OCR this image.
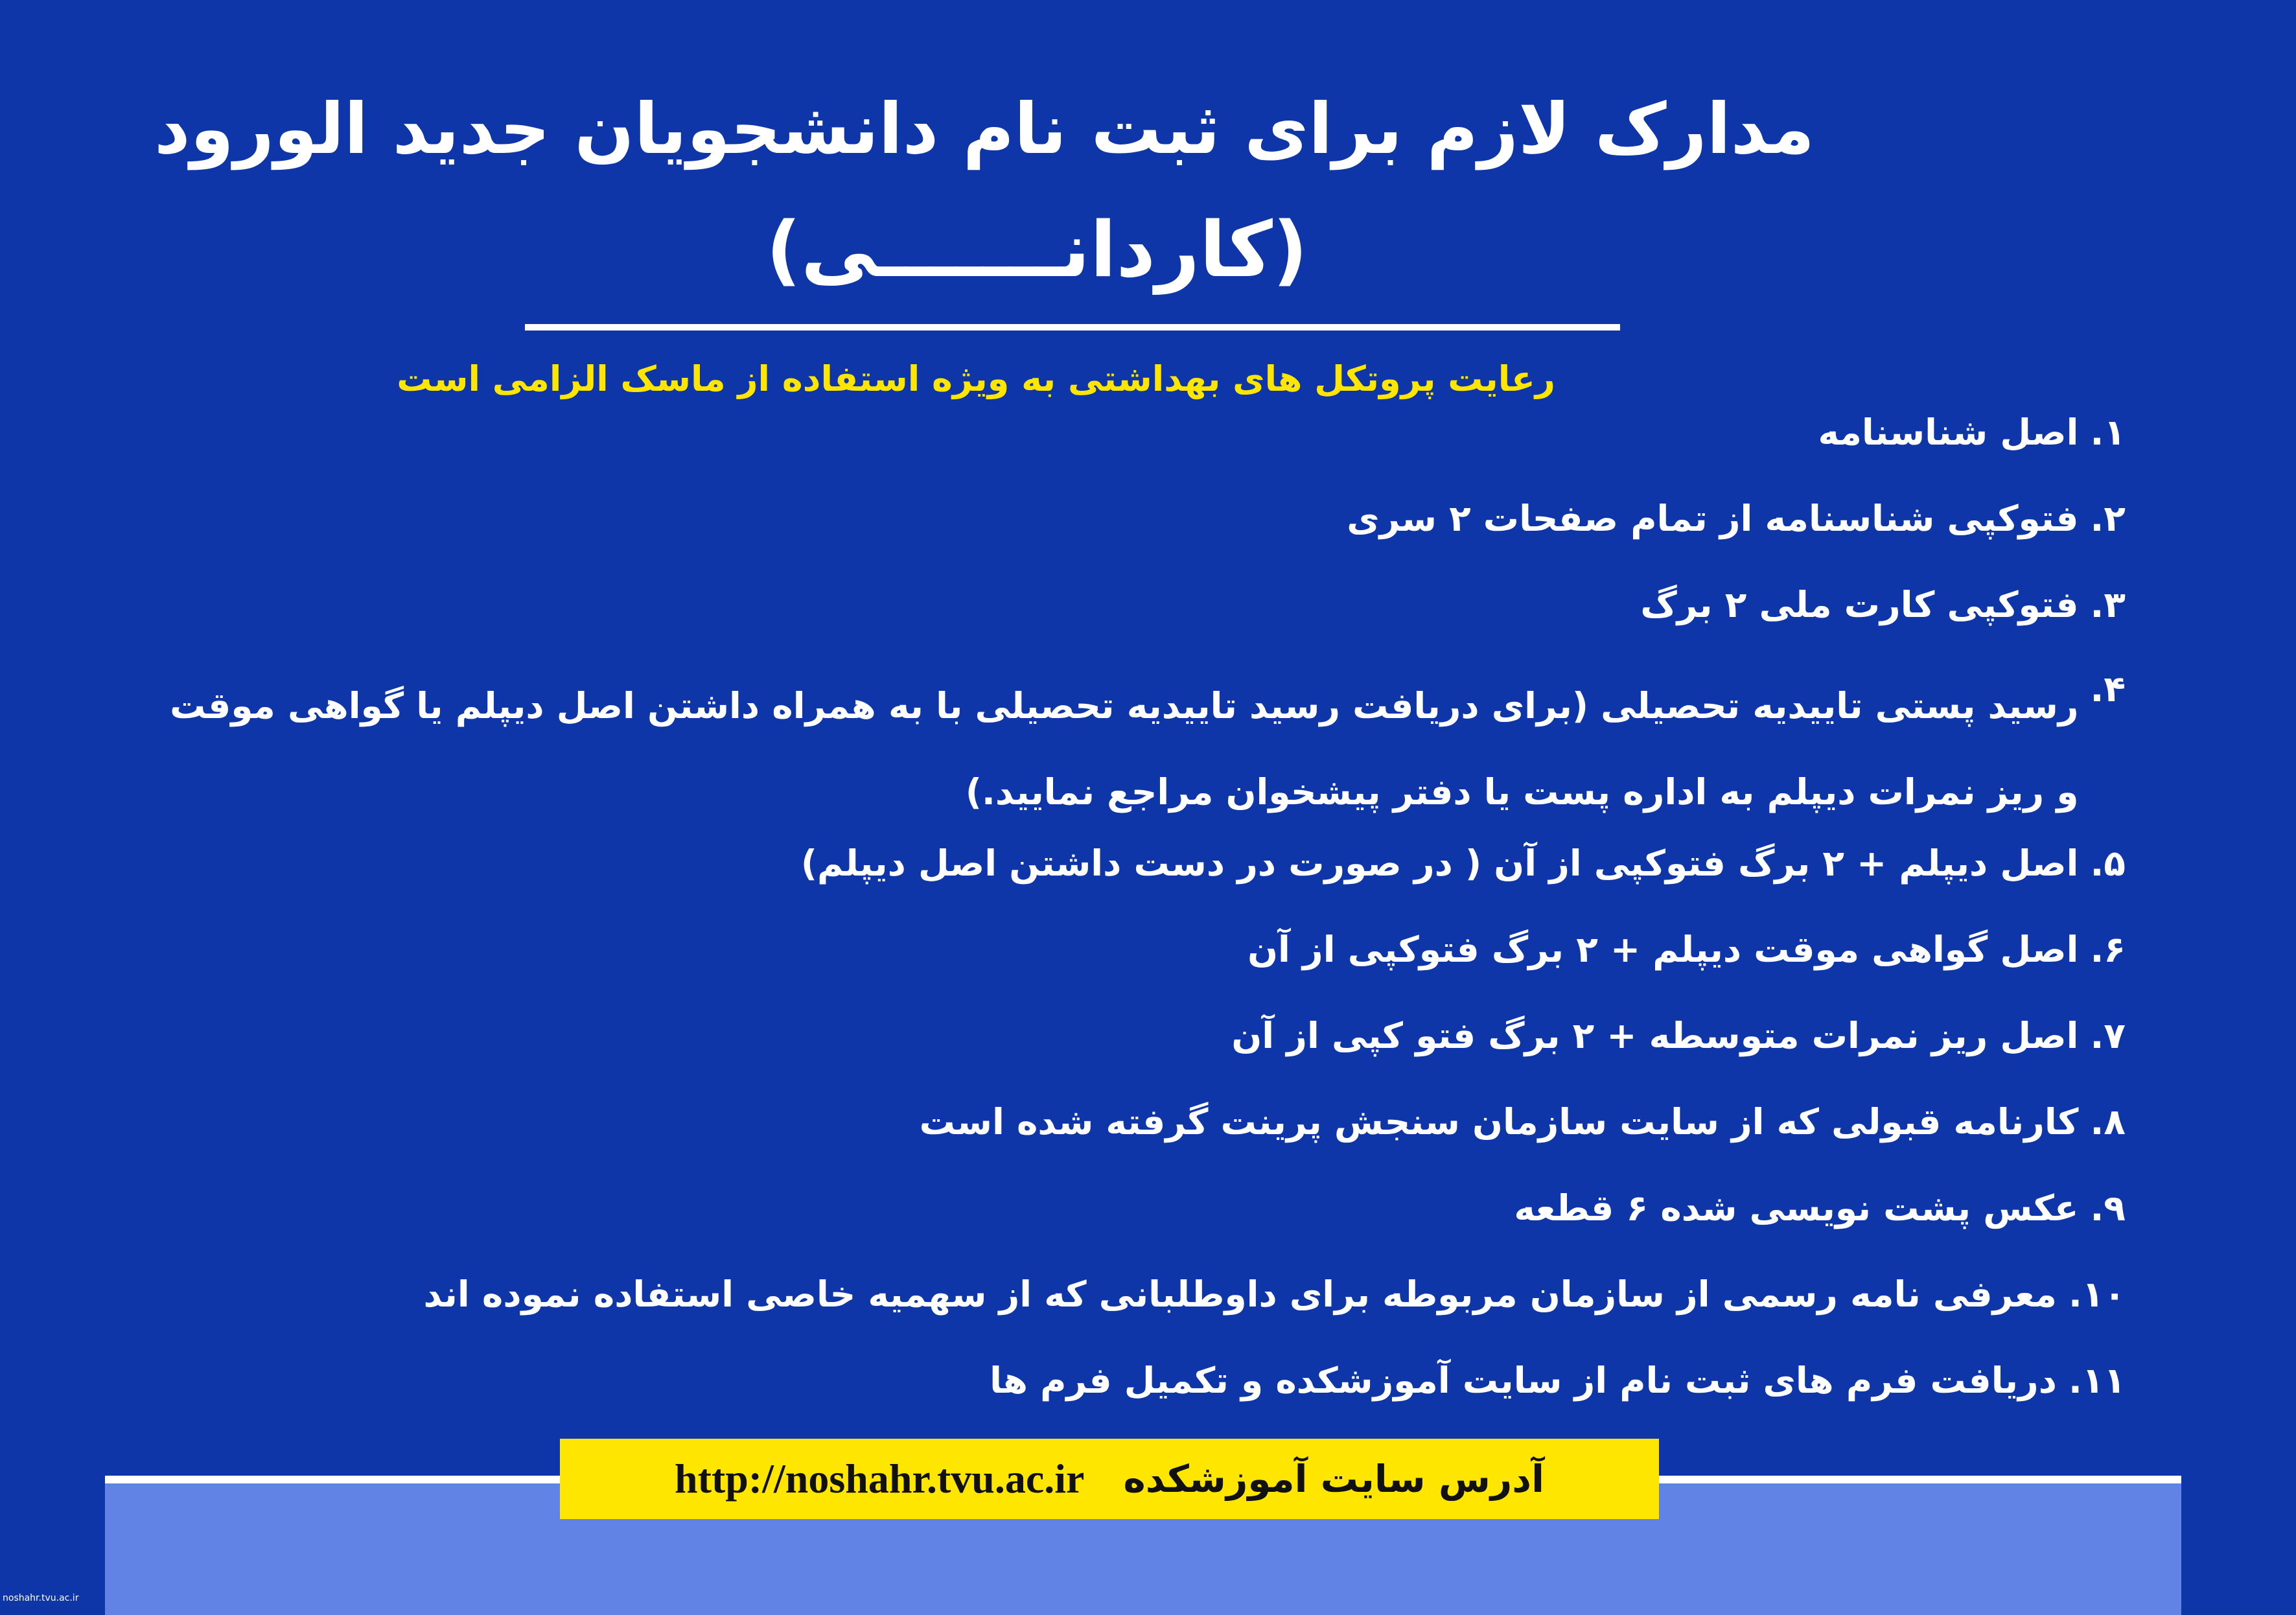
مدارک لازم برای ثبت نام دانشجویان جدید الورود
(کاردانـــــــی)
رعایت پروتکل های بهداشتی به ویژه استفاده از ماسک الزامی است
۱.
اصل شناسنامه
۲.
فتوکپی شناسنامه از تمام صفحات ۲ سری
۳.
فتوکپی کارت ملی ۲ برگ
۴.
رسید پستی تاییدیه تحصیلی (برای دریافت رسید تاییدیه تحصیلی با به همراه داشتن اصل دیپلم یا گواهی موقت و ریز نمرات دیپلم به اداره پست یا دفتر پیشخوان مراجع نمایید.)
۵.
اصل دیپلم + ۲ برگ فتوکپی از آن ( در صورت در دست داشتن اصل دیپلم)
۶.
اصل گواهی موقت دیپلم + ۲ برگ فتوکپی از آن
۷.
اصل ریز نمرات متوسطه + ۲ برگ فتو کپی از آن
۸.
کارنامه قبولی که از سایت سازمان سنجش پرینت گرفته شده است
۹.
عکس پشت نویسی شده ۶ قطعه
۱۰.
معرفی نامه رسمی از سازمان مربوطه برای داوطلبانی که از سهمیه خاصی استفاده نموده اند
۱۱.
دریافت فرم های ثبت نام از سایت آموزشکده و تکمیل فرم ها
آدرس سایت آموزشکده
http://noshahr.tvu.ac.ir
noshahr.tvu.ac.ir
